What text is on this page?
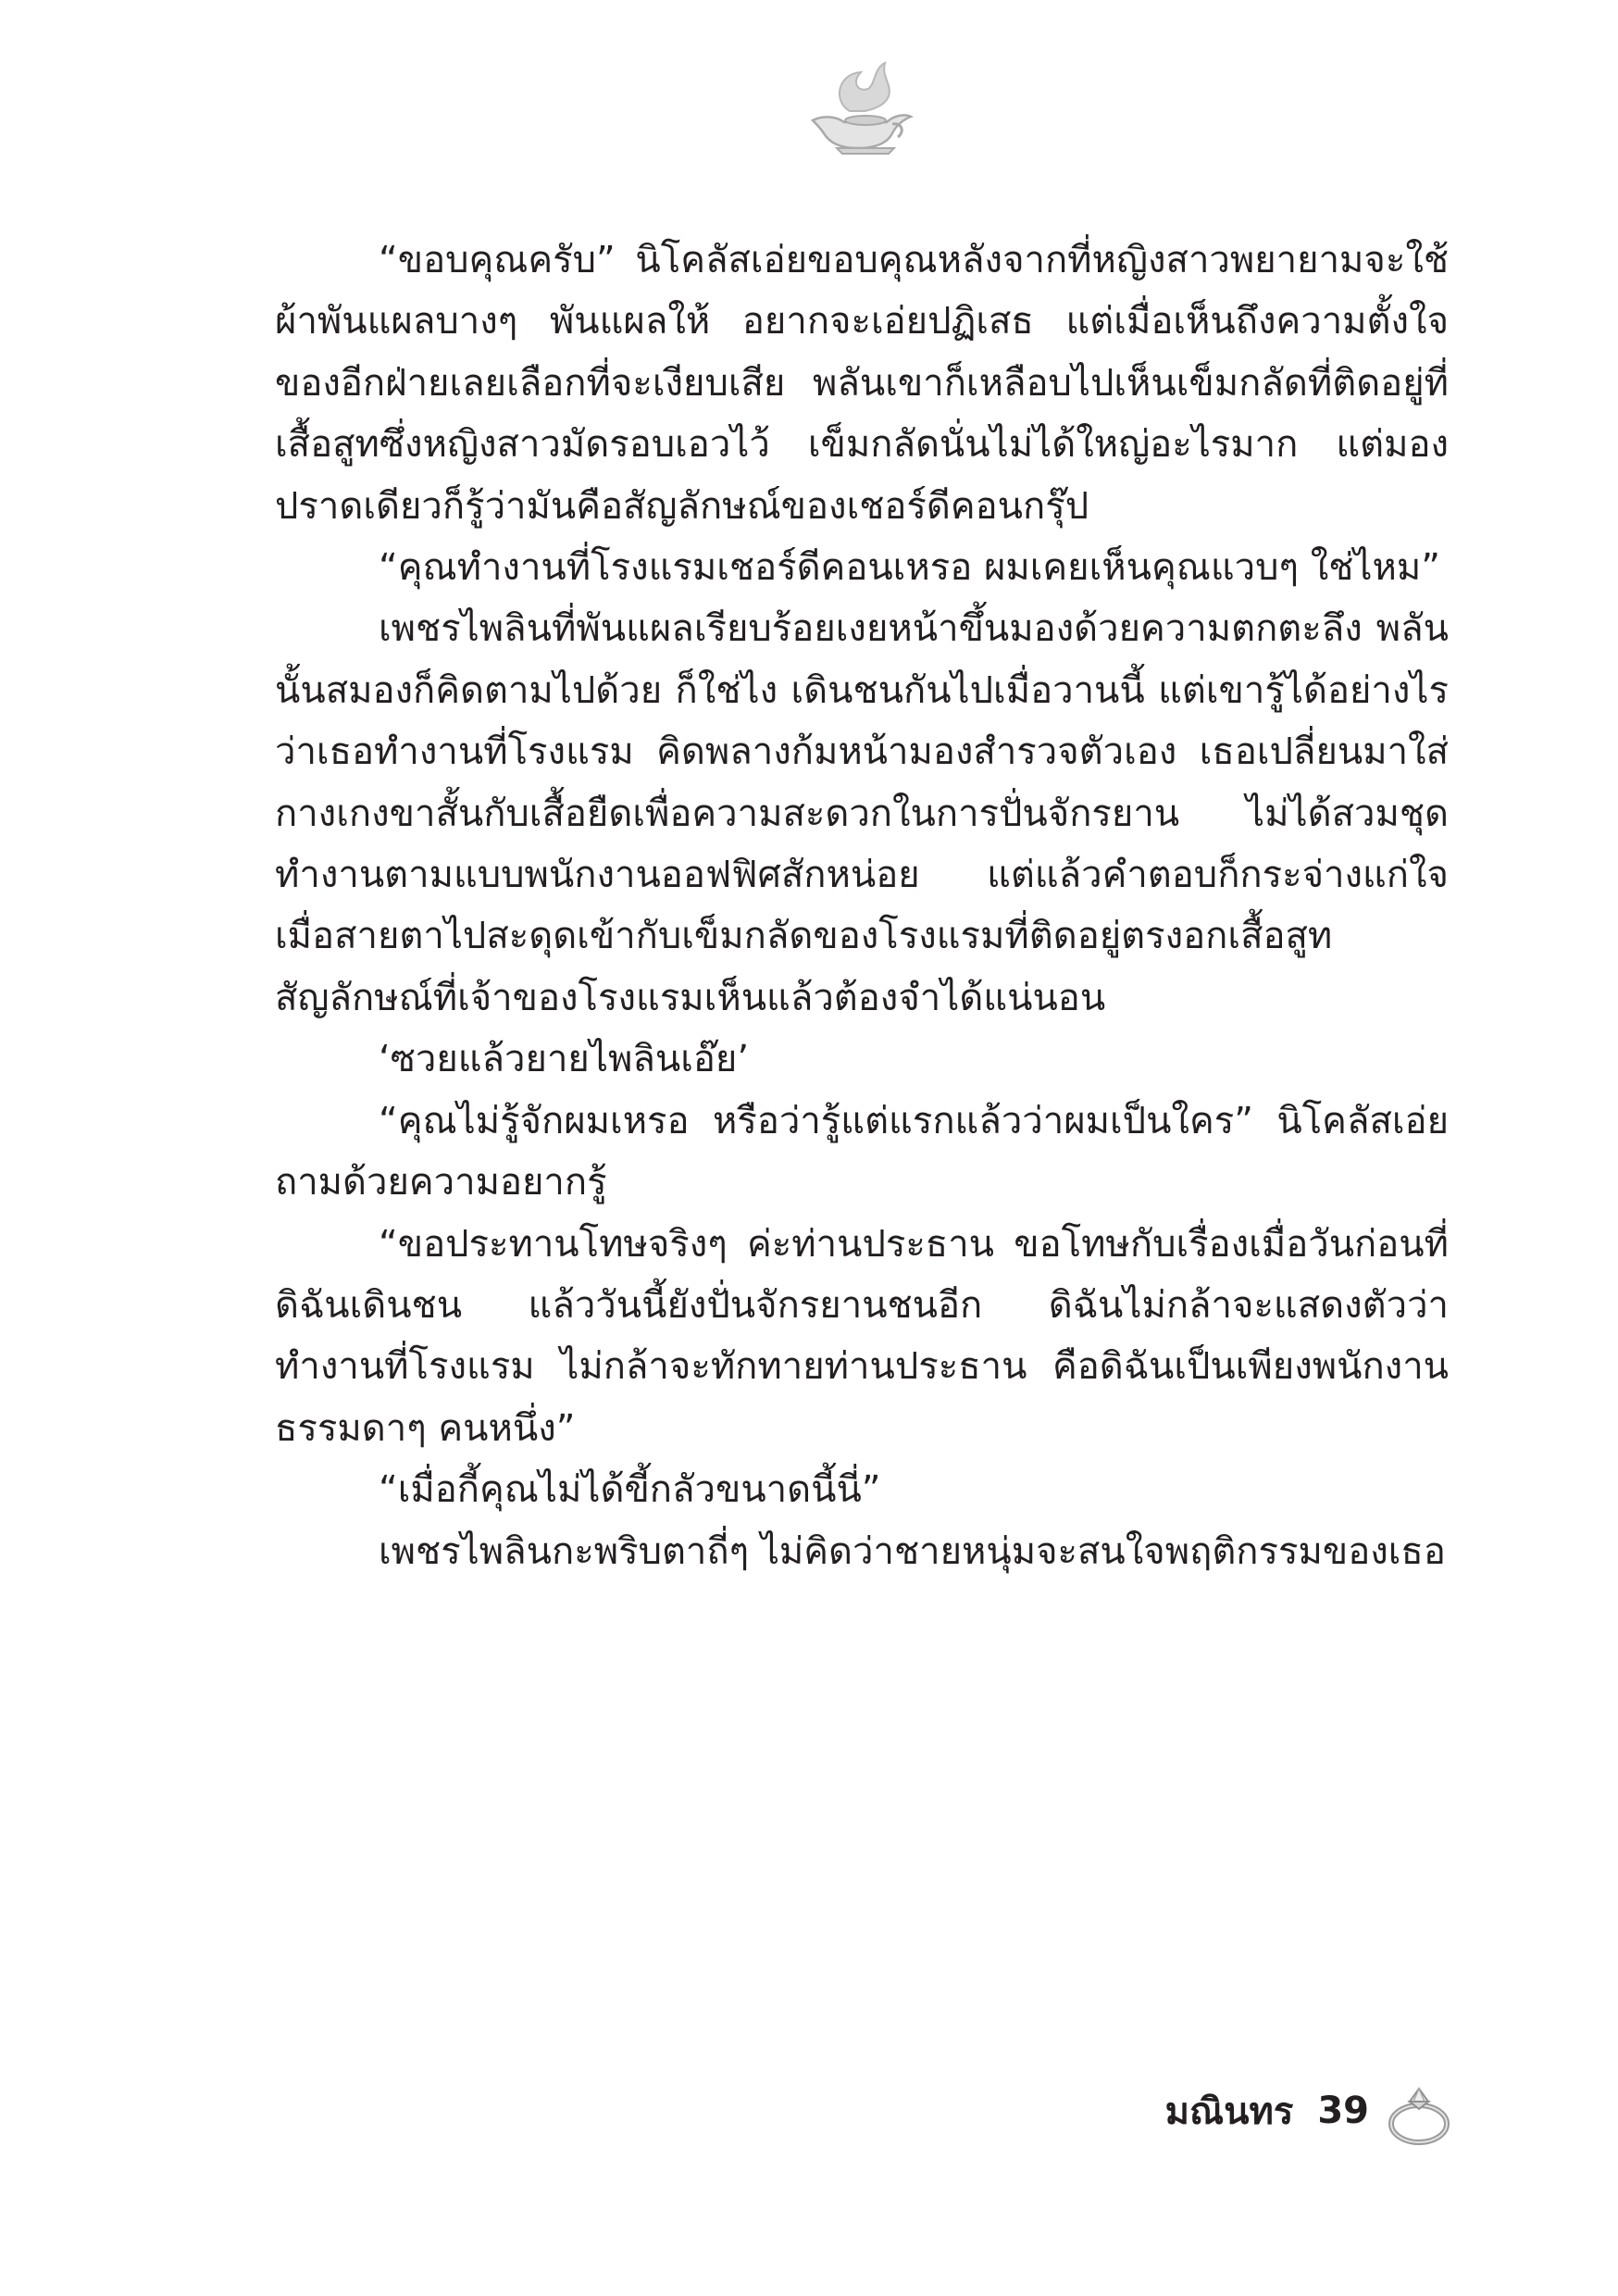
“ขอบคุณครับ” นิโคลัสเอ่ยขอบคุณหลังจากที่หญิงสาวพยายามจะใช้ผ้าพันแผลบางๆ พันแผลให้ อยากจะเอ่ยปฏิเสธ แต่เมื่อเห็นถึงความตั้งใจของอีกฝ่ายเลยเลือกที่จะเงียบเสีย พลันเขาก็เหลือบไปเห็นเข็มกลัดที่ติดอยู่ที่เสื้อสูทซึ่งหญิงสาวมัดรอบเอวไว้ เข็มกลัดนั่นไม่ได้ใหญ่อะไรมาก แต่มองปราดเดียวก็รู้ว่ามันคือสัญลักษณ์ของเชอร์ดีคอนกรุ๊ป

“คุณทำงานที่โรงแรมเชอร์ดีคอนเหรอ ผมเคยเห็นคุณแวบๆ ใช่ไหม”

เพชรไพลินที่พันแผลเรียบร้อยเงยหน้าขึ้นมองด้วยความตกตะลึง พลันนั้นสมองก็คิดตามไปด้วย ก็ใช่ไง เดินชนกันไปเมื่อวานนี้ แต่เขารู้ได้อย่างไรว่าเธอทำงานที่โรงแรม คิดพลางก้มหน้ามองสำรวจตัวเอง เธอเปลี่ยนมาใส่กางเกงขาสั้นกับเสื้อยืดเพื่อความสะดวกในการปั่นจักรยาน ไม่ได้สวมชุดทำงานตามแบบพนักงานออฟฟิศสักหน่อย แต่แล้วคำตอบก็กระจ่างแก่ใจเมื่อสายตาไปสะดุดเข้ากับเข็มกลัดของโรงแรมที่ติดอยู่ตรงอกเสื้อสูท สัญลักษณ์ที่เจ้าของโรงแรมเห็นแล้วต้องจำได้แน่นอน

‘ซวยแล้วยายไพลินเอ๊ย’

“คุณไม่รู้จักผมเหรอ หรือว่ารู้แต่แรกแล้วว่าผมเป็นใคร” นิโคลัสเอ่ยถามด้วยความอยากรู้

“ขอประทานโทษจริงๆ ค่ะท่านประธาน ขอโทษกับเรื่องเมื่อวันก่อนที่ดิฉันเดินชน แล้ววันนี้ยังปั่นจักรยานชนอีก ดิฉันไม่กล้าจะแสดงตัวว่าทำงานที่โรงแรม ไม่กล้าจะทักทายท่านประธาน คือดิฉันเป็นเพียงพนักงานธรรมดาๆ คนหนึ่ง”

“เมื่อกี้คุณไม่ได้ขี้กลัวขนาดนี้นี่”

เพชรไพลินกะพริบตาถี่ๆ ไม่คิดว่าชายหนุ่มจะสนใจพฤติกรรมของเธอ

มณินทร 39
